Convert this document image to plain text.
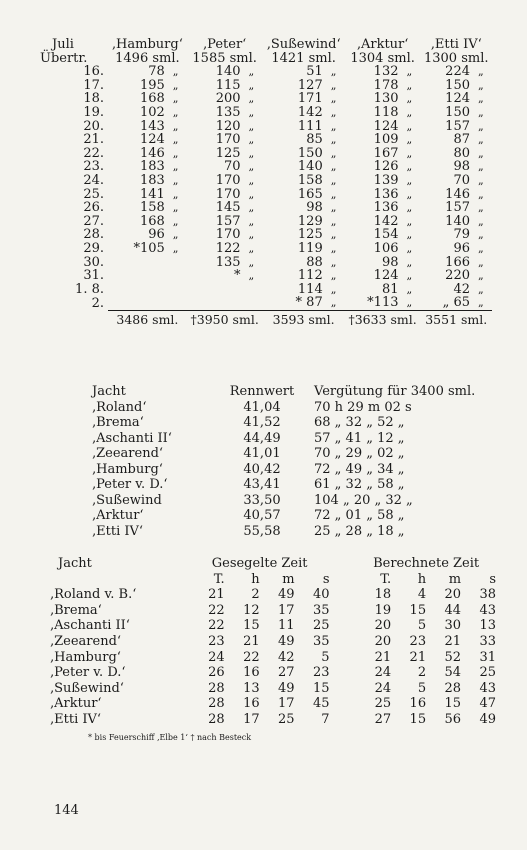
Juli	‚Hamburg‘		‚Peter‘		‚Sußewind‘		‚Arktur‘		‚Etti IV‘	
Übertr.	1496 sml.		1585 sml.		1421 sml.		1304 sml.		1300 sml.	
16.	78	„	140	„	51	„	132	„	224	„
17.	195	„	115	„	127	„	178	„	150	„
18.	168	„	200	„	171	„	130	„	124	„
19.	102	„	135	„	142	„	118	„	150	„
20.	143	„	120	„	111	„	124	„	157	„
21.	124	„	170	„	85	„	109	„	87	„
22.	146	„	125	„	150	„	167	„	80	„
23.	183	„	70	„	140	„	126	„	98	„
24.	183	„	170	„	158	„	139	„	70	„
25.	141	„	170	„	165	„	136	„	146	„
26.	158	„	145	„	98	„	136	„	157	„
27.	168	„	157	„	129	„	142	„	140	„
28.	96	„	170	„	125	„	154	„	79	„
29.	*105	„	122	„	119	„	106	„	96	„
30.			135	„	88	„	98	„	166	„
31.			*	„	112	„	124	„	220	„
1. 8.					114	„	81	„	42	„
2.					* 87	„	*113	„	„ 65	„
	3486 sml.		†3950 sml.		3593 sml.		†3633 sml.		3551 sml.	
Jacht	Rennwert	Vergütung für 3400 sml.
‚Roland‘	41,04	70 h 29 m 02 s
‚Brema‘	41,52	68 „ 32 „ 52 „
‚Aschanti II‘	44,49	57 „ 41 „ 12 „
‚Zeearend‘	41,01	70 „ 29 „ 02 „
‚Hamburg‘	40,42	72 „ 49 „ 34 „
‚Peter v. D.‘	43,41	61 „ 32 „ 58 „
‚Sußewind	33,50	104 „ 20 „ 32 „
‚Arktur‘	40,57	72 „ 01 „ 58 „
‚Etti IV‘	55,58	25 „ 28 „ 18 „
Jacht	Gesegelte Zeit					Berechnete Zeit			
	T.	h	m	s		T.	h	m	s
‚Roland v. B.‘	21	2	49	40		18	4	20	38
‚Brema‘	22	12	17	35		19	15	44	43
‚Aschanti II‘	22	15	11	25		20	5	30	13
‚Zeearend‘	23	21	49	35		20	23	21	33
‚Hamburg‘	24	22	42	5		21	21	52	31
‚Peter v. D.‘	26	16	27	23		24	2	54	25
‚Sußewind‘	28	13	49	15		24	5	28	43
‚Arktur‘	28	16	17	45		25	16	15	47
‚Etti IV‘	28	17	25	7		27	15	56	49
* bis Feuerschiff ‚Elbe 1‘ † nach Besteck
144
